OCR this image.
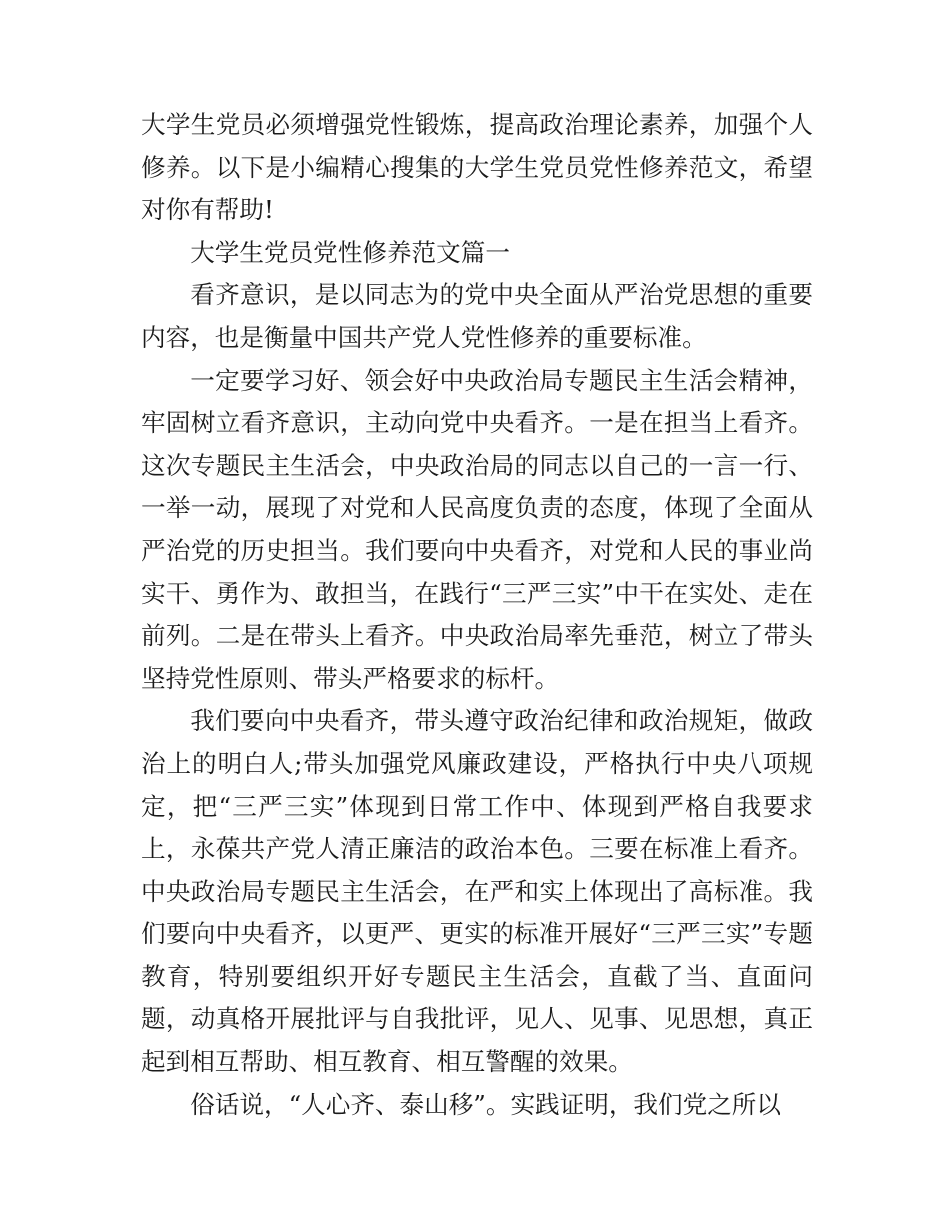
大学生党员必须增强党性锻炼，提高政治理论素养，加强个人修养。以下是小编精心搜集的大学生党员党性修养范文，希望对你有帮助!

大学生党员党性修养范文篇一

看齐意识，是以同志为的党中央全面从严治党思想的重要内容，也是衡量中国共产党人党性修养的重要标准。

一定要学习好、领会好中央政治局专题民主生活会精神，牢固树立看齐意识，主动向党中央看齐。一是在担当上看齐。这次专题民主生活会，中央政治局的同志以自己的一言一行、一举一动，展现了对党和人民高度负责的态度，体现了全面从严治党的历史担当。我们要向中央看齐，对党和人民的事业尚实干、勇作为、敢担当，在践行“三严三实”中干在实处、走在前列。二是在带头上看齐。中央政治局率先垂范，树立了带头坚持党性原则、带头严格要求的标杆。

我们要向中央看齐，带头遵守政治纪律和政治规矩，做政治上的明白人;带头加强党风廉政建设，严格执行中央八项规定，把“三严三实”体现到日常工作中、体现到严格自我要求上，永葆共产党人清正廉洁的政治本色。三要在标准上看齐。中央政治局专题民主生活会，在严和实上体现出了高标准。我们要向中央看齐，以更严、更实的标准开展好“三严三实”专题教育，特别要组织开好专题民主生活会，直截了当、直面问题，动真格开展批评与自我批评，见人、见事、见思想，真正起到相互帮助、相互教育、相互警醒的效果。

俗话说，“人心齐、泰山移”。实践证明，我们党之所以
